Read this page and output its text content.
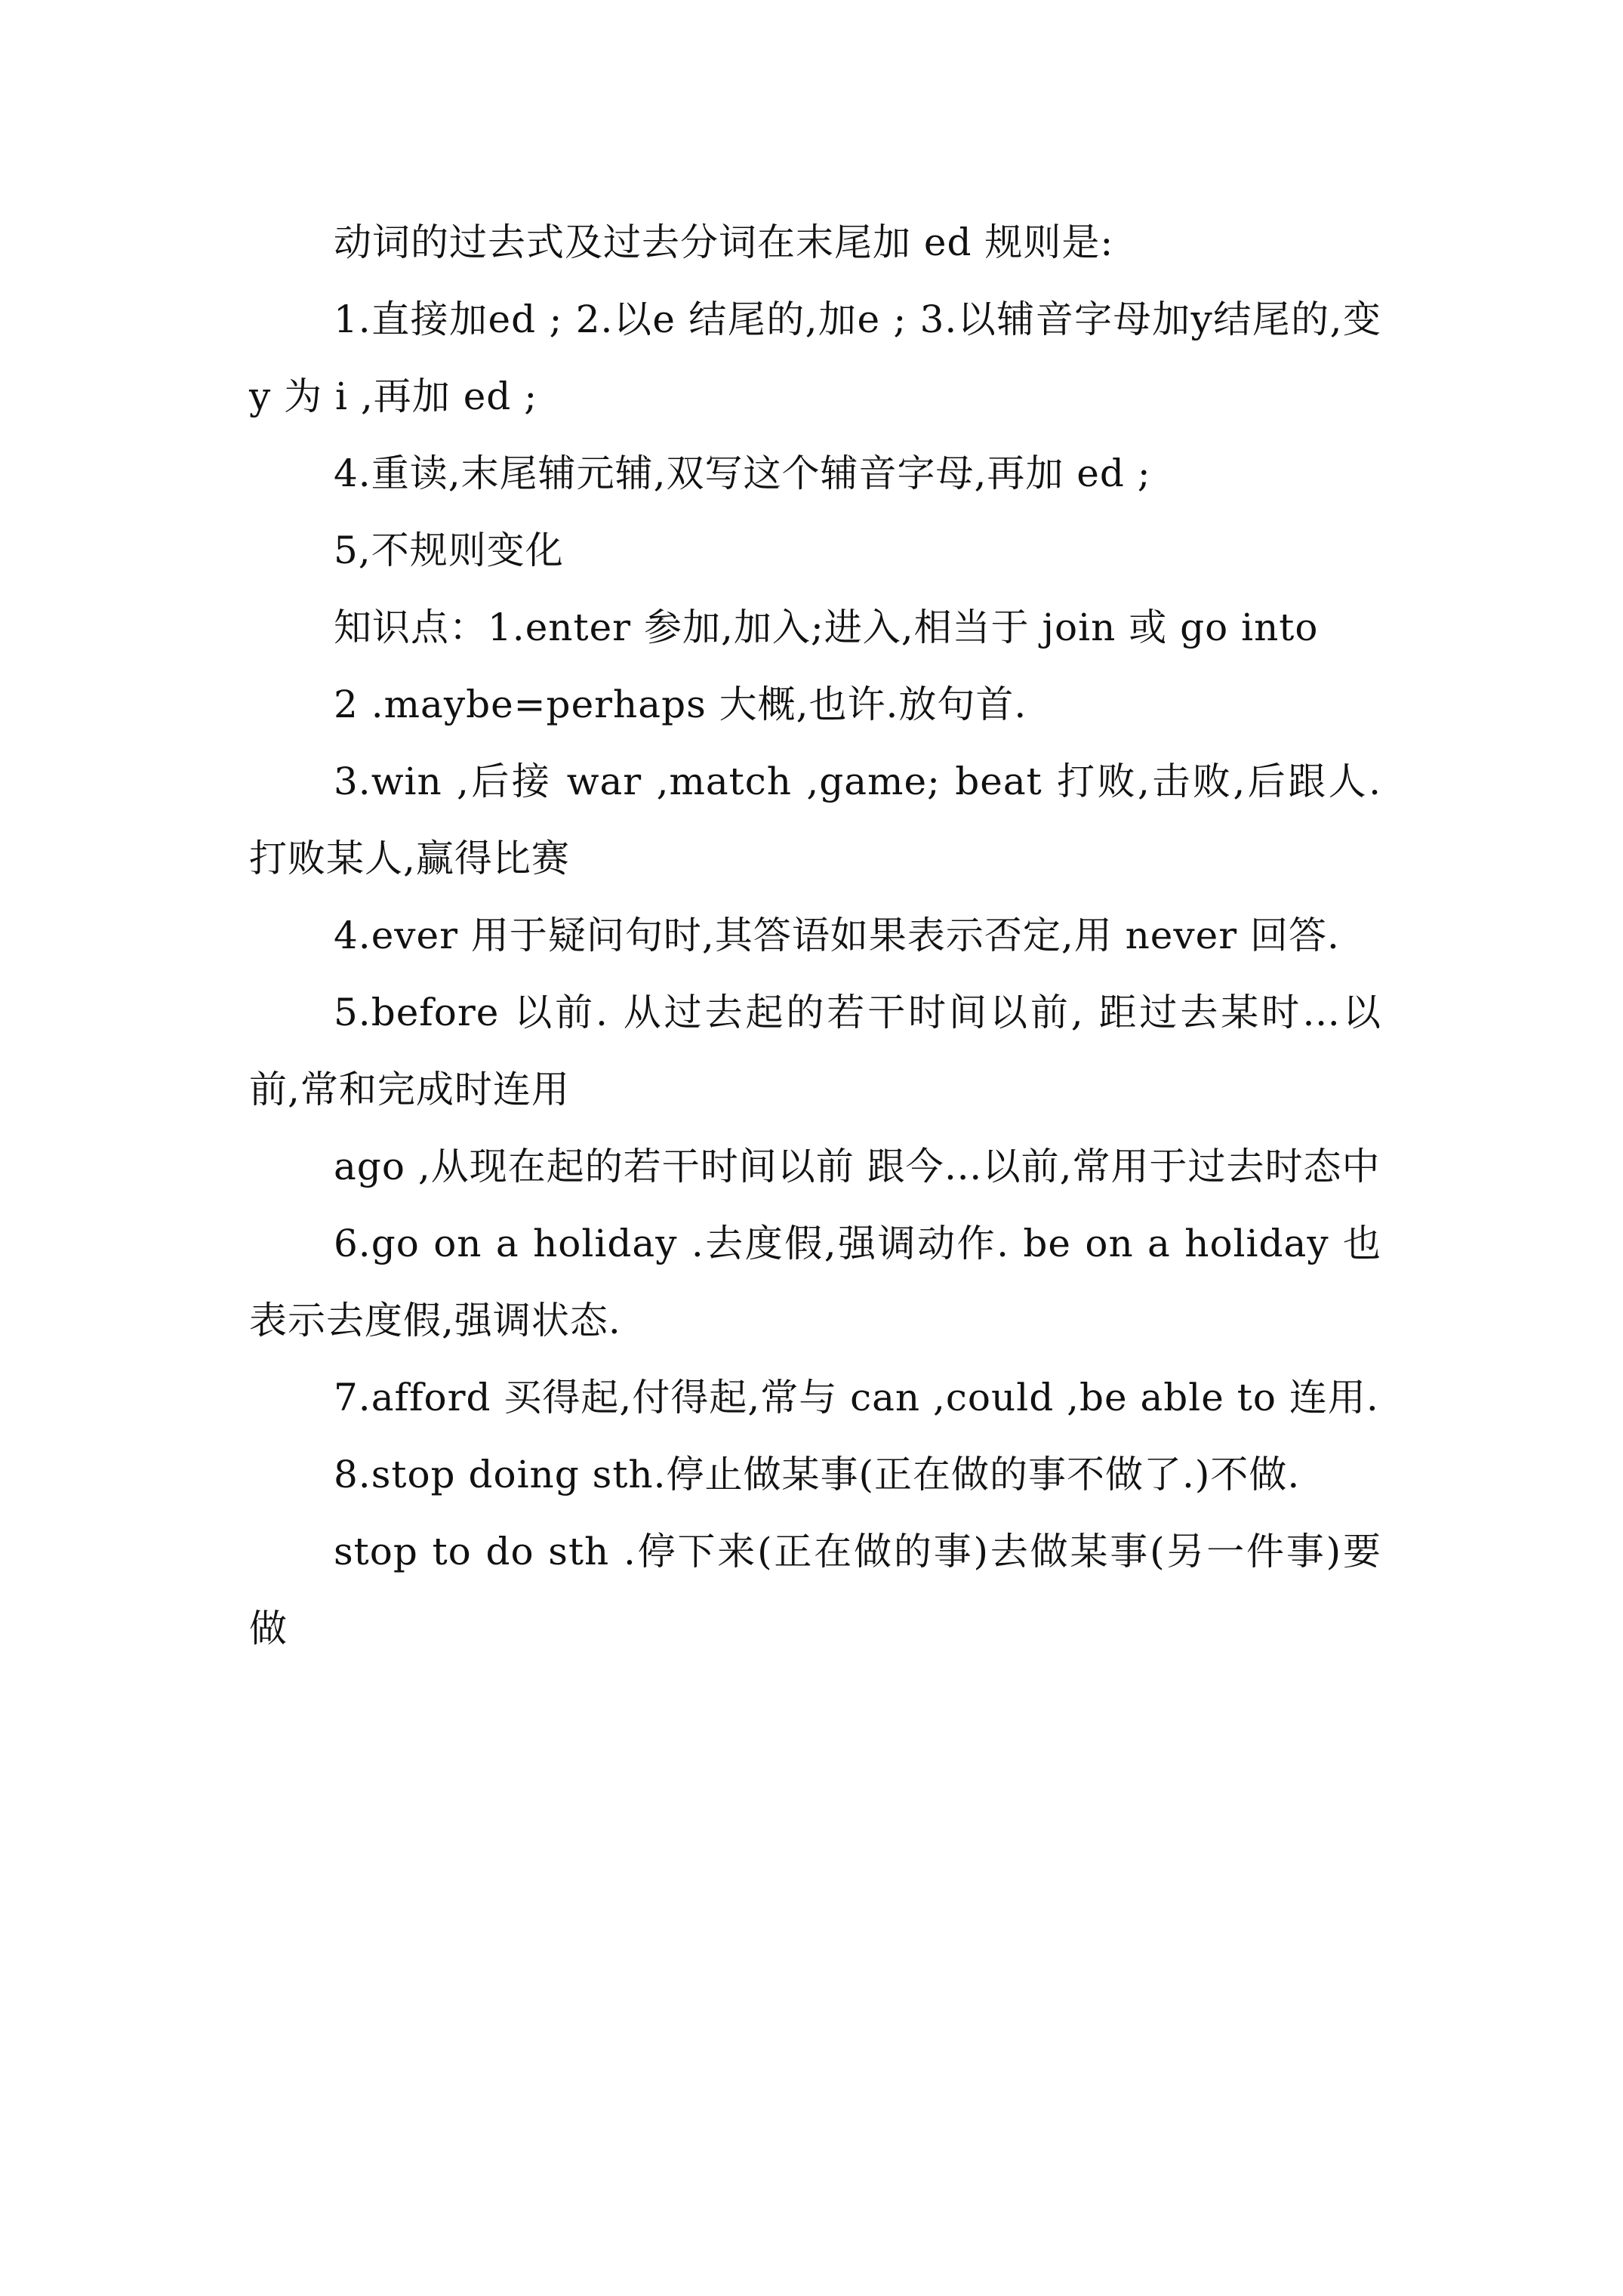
动词的过去式及过去分词在末尾加 ed 规则是:

1.直接加ed ; 2.以e 结尾的,加e ; 3.以辅音字母加y结尾的,变 y 为 i ,再加 ed ;

4.重读,末尾辅元辅,双写这个辅音字母,再加 ed ;

5,不规则变化

知识点：1.enter 参加,加入;进入,相当于 join 或 go into

2 .maybe=perhaps 大概,也许.放句首.

3.win ,后接 war ,match ,game; beat 打败,击败,后跟人. 打败某人,赢得比赛

4.ever 用于疑问句时,其答语如果表示否定,用 never 回答.

5.before 以前. 从过去起的若干时间以前, 距过去某时…以前,常和完成时连用

ago ,从现在起的若干时间以前 跟今…以前,常用于过去时态中

6.go on a holiday .去度假,强调动作. be on a holiday 也表示去度假,强调状态.

7.afford 买得起,付得起,常与 can ,could ,be able to 连用.

8.stop doing sth.停止做某事(正在做的事不做了.)不做.

stop to do sth .停下来(正在做的事)去做某事(另一件事)要做
